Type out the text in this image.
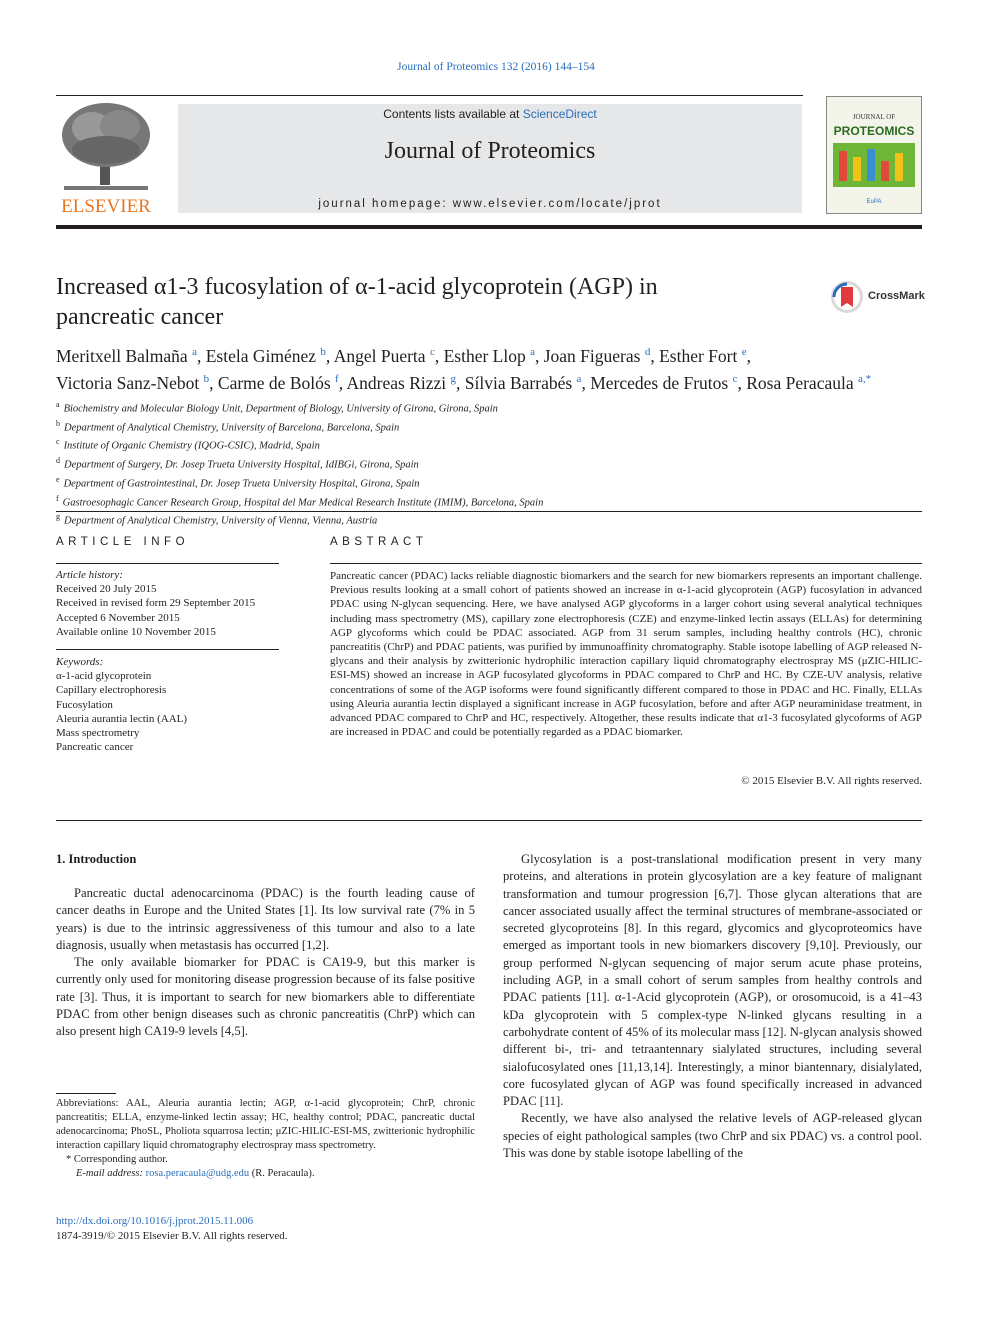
Journal of Proteomics 132 (2016) 144–154
ELSEVIER
Contents lists available at ScienceDirect
Journal of Proteomics
journal homepage: www.elsevier.com/locate/jprot
JOURNAL OF
PROTEOMICS
EuPA
Increased α1-3 fucosylation of α-1-acid glycoprotein (AGP) in
pancreatic cancer
CrossMark
Meritxell Balmaña $^a$, Estela Giménez $^b$, Angel Puerta $^c$, Esther Llop $^a$, Joan Figueras $^d$, Esther Fort $^e$,
Victoria Sanz-Nebot $^b$, Carme de Bolós $^f$, Andreas Rizzi $^g$, Sílvia Barrabés $^a$, Mercedes de Frutos $^c$, Rosa Peracaula $^{a,*}$
$^a$ Biochemistry and Molecular Biology Unit, Department of Biology, University of Girona, Girona, Spain
$^b$ Department of Analytical Chemistry, University of Barcelona, Barcelona, Spain
$^c$ Institute of Organic Chemistry (IQOG-CSIC), Madrid, Spain
$^d$ Department of Surgery, Dr. Josep Trueta University Hospital, IdIBGi, Girona, Spain
$^e$ Department of Gastrointestinal, Dr. Josep Trueta University Hospital, Girona, Spain
$^f$ Gastroesophagic Cancer Research Group, Hospital del Mar Medical Research Institute (IMIM), Barcelona, Spain
$^g$ Department of Analytical Chemistry, University of Vienna, Vienna, Austria
ARTICLE INFO	ABSTRACT
Article history:
Received 20 July 2015
Received in revised form 29 September 2015
Accepted 6 November 2015
Available online 10 November 2015
Keywords:
α-1-acid glycoprotein
Capillary electrophoresis
Fucosylation
Aleuria aurantia lectin (AAL)
Mass spectrometry
Pancreatic cancer
Pancreatic cancer (PDAC) lacks reliable diagnostic biomarkers and the search for new biomarkers represents an important challenge. Previous results looking at a small cohort of patients showed an increase in α-1-acid glycoprotein (AGP) fucosylation in advanced PDAC using N-glycan sequencing. Here, we have analysed AGP glycoforms in a larger cohort using several analytical techniques including mass spectrometry (MS), capillary zone electrophoresis (CZE) and enzyme-linked lectin assays (ELLAs) for determining AGP glycoforms which could be PDAC associated. AGP from 31 serum samples, including healthy controls (HC), chronic pancreatitis (ChrP) and PDAC patients, was purified by immunoaffinity chromatography. Stable isotope labelling of AGP released N-glycans and their analysis by zwitterionic hydrophilic interaction capillary liquid chromatography electrospray MS (μZIC-HILIC-ESI-MS) showed an increase in AGP fucosylated glycoforms in PDAC compared to ChrP and HC. By CZE-UV analysis, relative concentrations of some of the AGP isoforms were found significantly different compared to those in PDAC and HC. Finally, ELLAs using Aleuria aurantia lectin displayed a significant increase in AGP fucosylation, before and after AGP neuraminidase treatment, in advanced PDAC compared to ChrP and HC, respectively. Altogether, these results indicate that α1-3 fucosylated glycoforms of AGP are increased in PDAC and could be potentially regarded as a PDAC biomarker.
© 2015 Elsevier B.V. All rights reserved.
1. Introduction

Pancreatic ductal adenocarcinoma (PDAC) is the fourth leading cause of cancer deaths in Europe and the United States [1]. Its low survival rate (7% in 5 years) is due to the intrinsic aggressiveness of this tumour and also to a late diagnosis, usually when metastasis has occurred [1,2].

The only available biomarker for PDAC is CA19-9, but this marker is currently only used for monitoring disease progression because of its false positive rate [3]. Thus, it is important to search for new biomarkers able to differentiate PDAC from other benign diseases such as chronic pancreatitis (ChrP) which can also present high CA19-9 levels [4,5].

Glycosylation is a post-translational modification present in very many proteins, and alterations in protein glycosylation are a key feature of malignant transformation and tumour progression [6,7]. Those glycan alterations that are cancer associated usually affect the terminal structures of membrane-associated or secreted glycoproteins [8]. In this regard, glycomics and glycoproteomics have emerged as important tools in new biomarkers discovery [9,10]. Previously, our group performed N-glycan sequencing of major serum acute phase proteins, including AGP, in a small cohort of serum samples from healthy controls and PDAC patients [11]. α-1-Acid glycoprotein (AGP), or orosomucoid, is a 41–43 kDa glycoprotein with 5 complex-type N-linked glycans resulting in a carbohydrate content of 45% of its molecular mass [12]. N-glycan analysis showed different bi-, tri- and tetraantennary sialylated structures, including several sialofucosylated ones [11,13,14]. Interestingly, a minor biantennary, disialylated, core fucosylated glycan of AGP was found specifically increased in advanced PDAC [11].

Recently, we have also analysed the relative levels of AGP-released glycan species of eight pathological samples (two ChrP and six PDAC) vs. a control pool. This was done by stable isotope labelling of the

Abbreviations: AAL, Aleuria aurantia lectin; AGP, α-1-acid glycoprotein; ChrP, chronic pancreatitis; ELLA, enzyme-linked lectin assay; HC, healthy control; PDAC, pancreatic ductal adenocarcinoma; PhoSL, Pholiota squarrosa lectin; μZIC-HILIC-ESI-MS, zwitterionic hydrophilic interaction capillary liquid chromatography electrospray mass spectrometry.
* Corresponding author.
E-mail address: rosa.peracaula@udg.edu (R. Peracaula).
http://dx.doi.org/10.1016/j.jprot.2015.11.006
1874-3919/© 2015 Elsevier B.V. All rights reserved.
